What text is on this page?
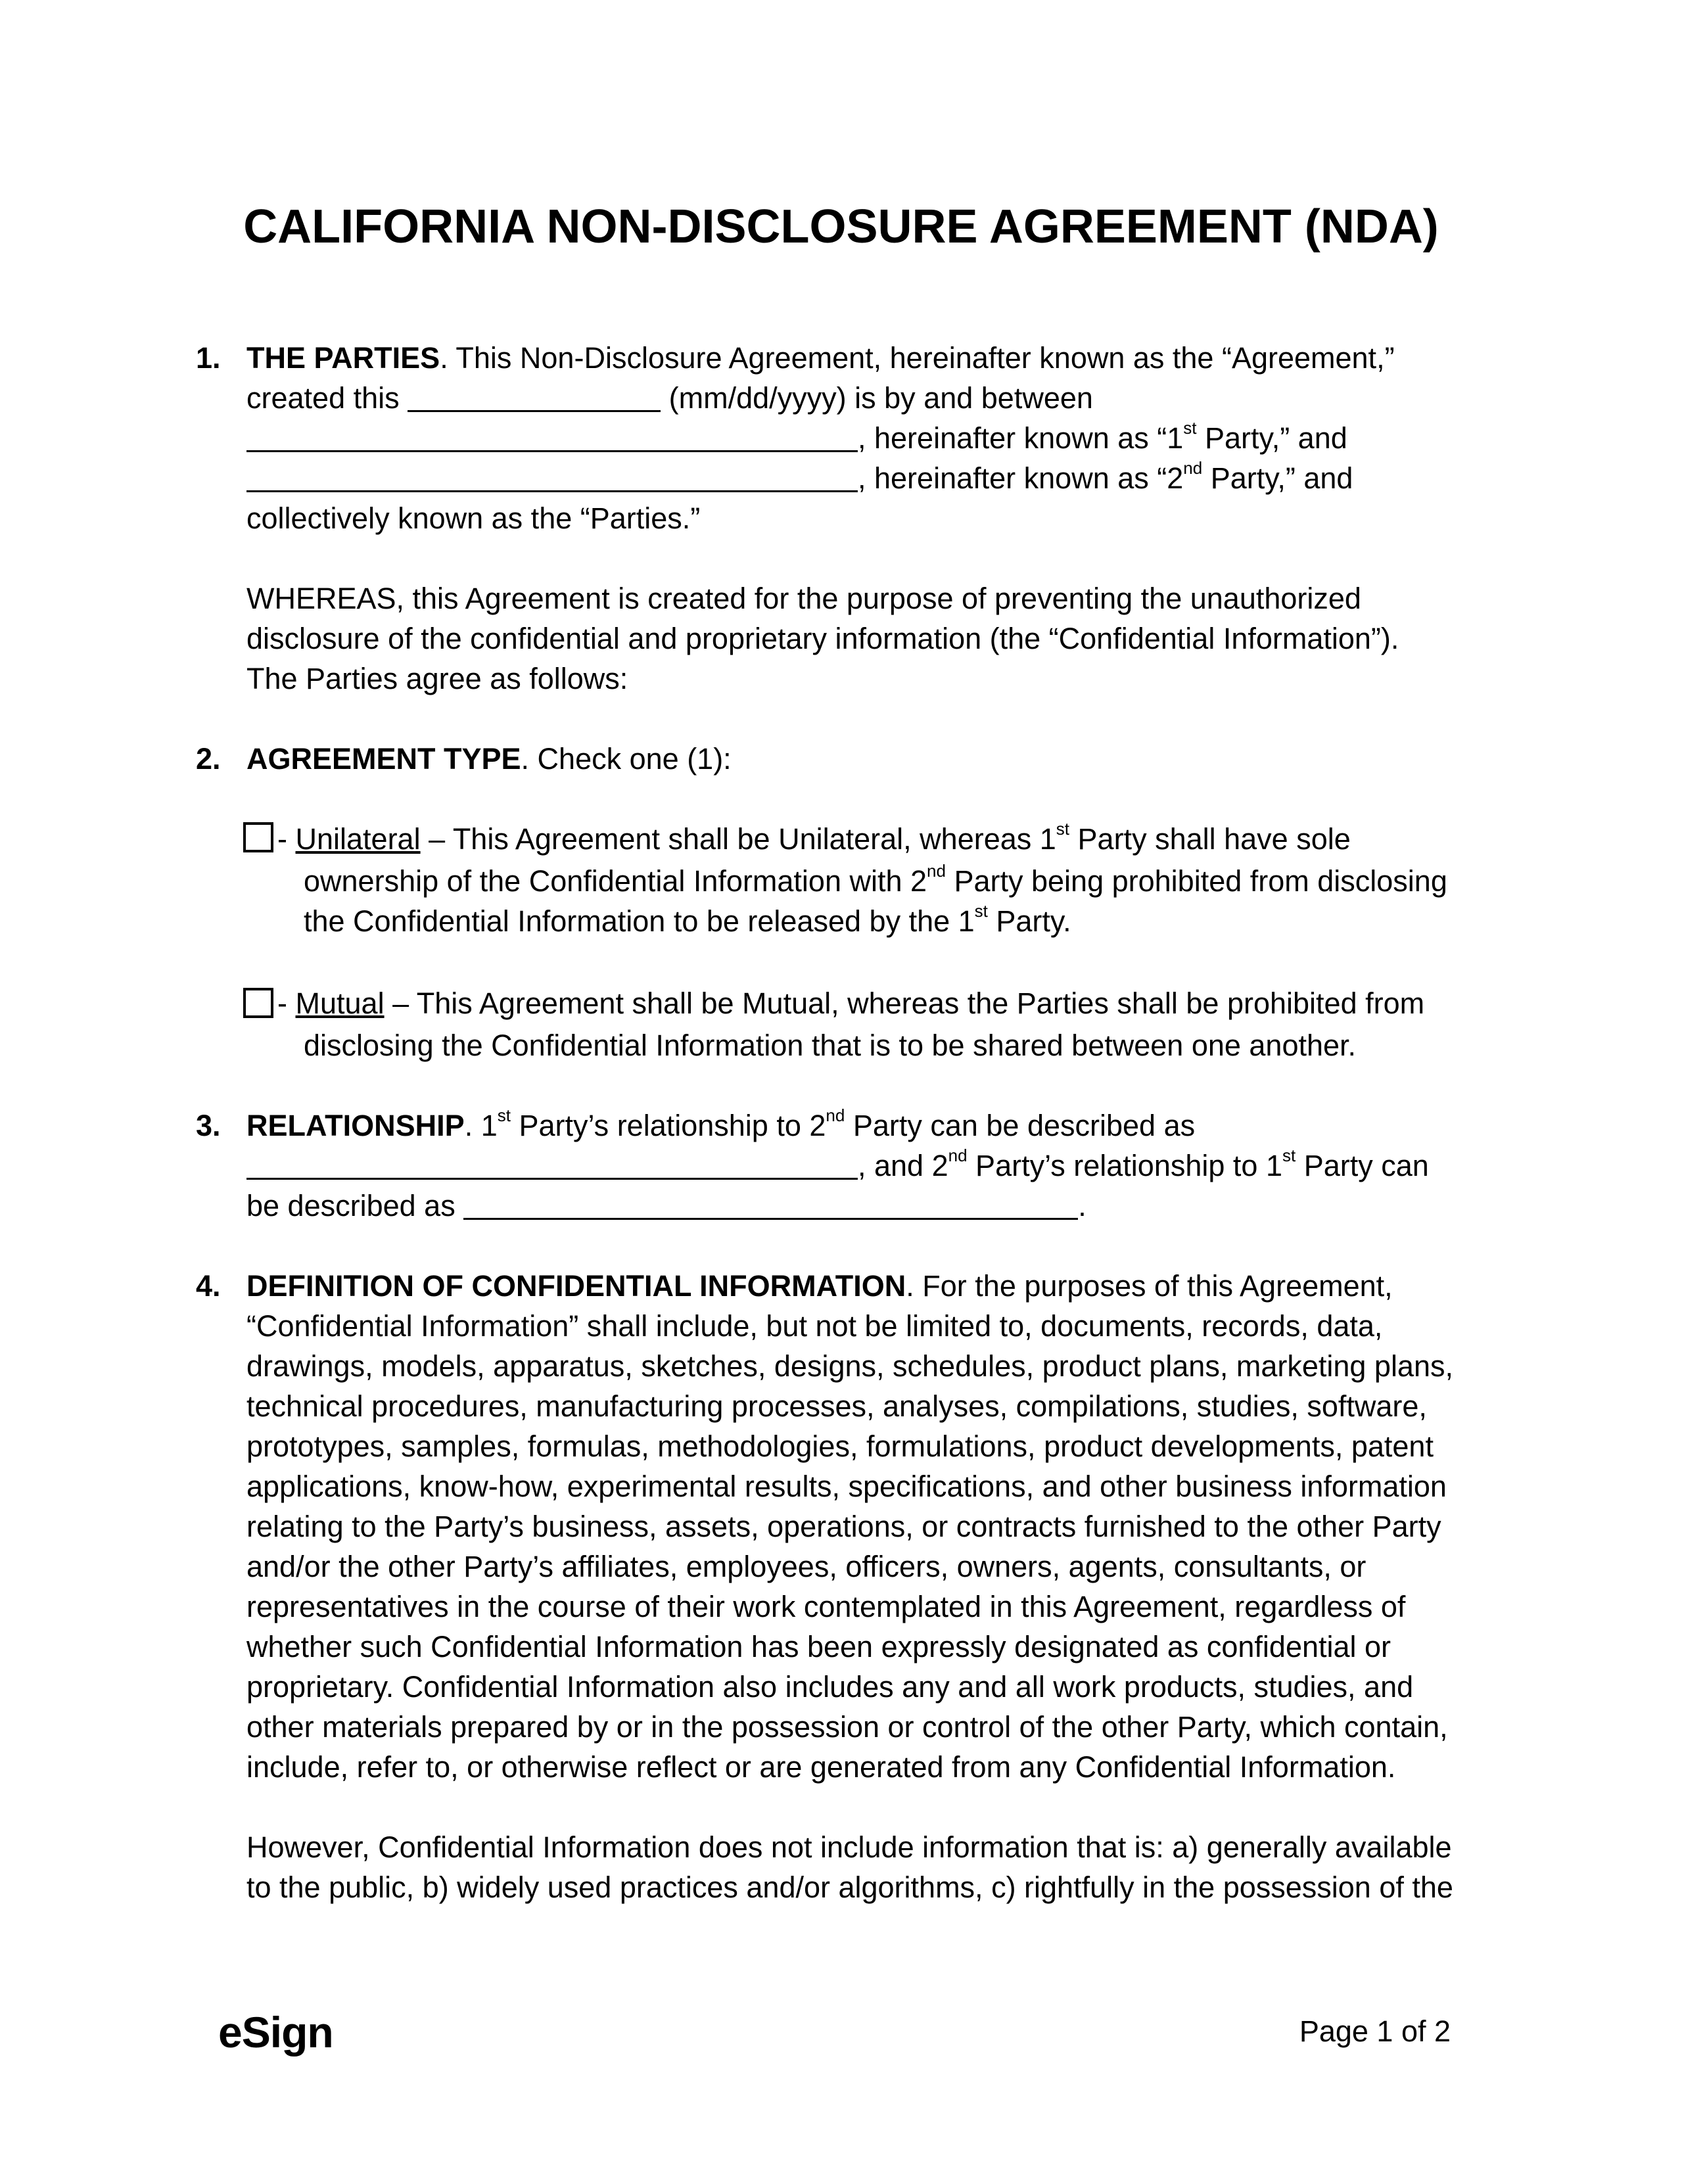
CALIFORNIA NON-DISCLOSURE AGREEMENT (NDA)
1. THE PARTIES. This Non-Disclosure Agreement, hereinafter known as the “Agreement,”
created this	(mm/dd/yyyy) is by and between
, hereinafter known as “1st Party,” and
, hereinafter known as “2nd Party,” and
collectively known as the “Parties.”
WHEREAS, this Agreement is created for the purpose of preventing the unauthorized
disclosure of the confidential and proprietary information (the “Confidential Information”).
The Parties agree as follows:
2. AGREEMENT TYPE. Check one (1):
- Unilateral – This Agreement shall be Unilateral, whereas 1st Party shall have sole
ownership of the Confidential Information with 2nd Party being prohibited from disclosing
the Confidential Information to be released by the 1st Party.
- Mutual – This Agreement shall be Mutual, whereas the Parties shall be prohibited from
disclosing the Confidential Information that is to be shared between one another.
3. RELATIONSHIP. 1st Party’s relationship to 2nd Party can be described as
, and 2nd Party’s relationship to 1st Party can
be described as	.
4. DEFINITION OF CONFIDENTIAL INFORMATION. For the purposes of this Agreement,
“Confidential Information” shall include, but not be limited to, documents, records, data,
drawings, models, apparatus, sketches, designs, schedules, product plans, marketing plans,
technical procedures, manufacturing processes, analyses, compilations, studies, software,
prototypes, samples, formulas, methodologies, formulations, product developments, patent
applications, know-how, experimental results, specifications, and other business information
relating to the Party’s business, assets, operations, or contracts furnished to the other Party
and/or the other Party’s affiliates, employees, officers, owners, agents, consultants, or
representatives in the course of their work contemplated in this Agreement, regardless of
whether such Confidential Information has been expressly designated as confidential or
proprietary. Confidential Information also includes any and all work products, studies, and
other materials prepared by or in the possession or control of the other Party, which contain,
include, refer to, or otherwise reflect or are generated from any Confidential Information.
However, Confidential Information does not include information that is: a) generally available
to the public, b) widely used practices and/or algorithms, c) rightfully in the possession of the
eSign	Page 1 of 2
